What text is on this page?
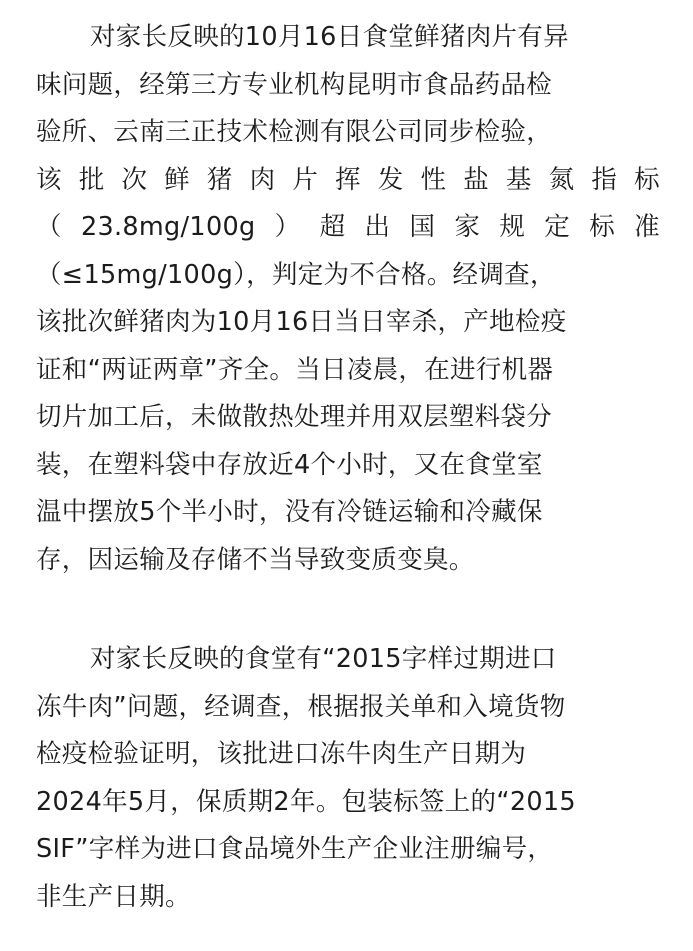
对家长反映的10月16日食堂鲜猪肉片有异
味问题，经第三方专业机构昆明市食品药品检
验所、云南三正技术检测有限公司同步检验，
该 批 次 鲜 猪 肉 片 挥 发 性 盐 基 氮 指 标
（ 23.8mg/100g ） 超 出 国 家 规 定 标 准
（≤15mg/100g），判定为不合格。经调查，
该批次鲜猪肉为10月16日当日宰杀，产地检疫
证和“两证两章”齐全。当日凌晨，在进行机器
切片加工后，未做散热处理并用双层塑料袋分
装，在塑料袋中存放近4个小时，又在食堂室
温中摆放5个半小时，没有冷链运输和冷藏保
存，因运输及存储不当导致变质变臭。

对家长反映的食堂有“2015字样过期进口
冻牛肉”问题，经调查，根据报关单和入境货物
检疫检验证明，该批进口冻牛肉生产日期为
2024年5月，保质期2年。包装标签上的“2015
SIF”字样为进口食品境外生产企业注册编号，
非生产日期。
